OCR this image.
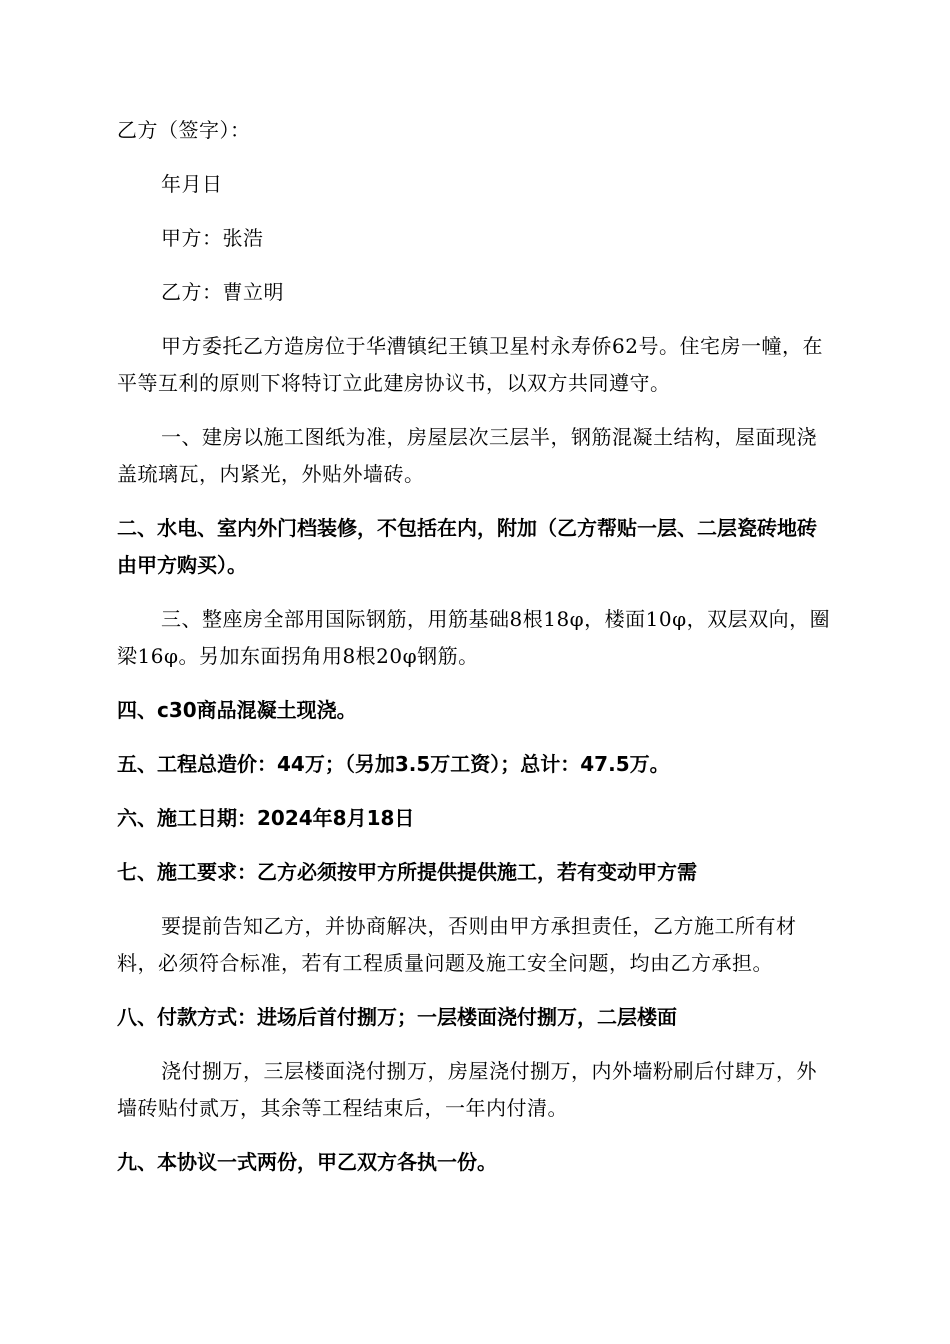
乙方（签字）：

年月日

甲方：张浩

乙方：曹立明

甲方委托乙方造房位于华漕镇纪王镇卫星村永寿侨62号。住宅房一幢，在平等互利的原则下将特订立此建房协议书，以双方共同遵守。

一、建房以施工图纸为准，房屋层次三层半，钢筋混凝土结构，屋面现浇盖琉璃瓦，内紧光，外贴外墙砖。

二、水电、室内外门档装修，不包括在内，附加（乙方帮贴一层、二层瓷砖地砖由甲方购买）。

三、整座房全部用国际钢筋，用筋基础8根18φ，楼面10φ，双层双向，圈梁16φ。另加东面拐角用8根20φ钢筋。

四、c30商品混凝土现浇。

五、工程总造价：44万；（另加3.5万工资）；总计：47.5万。

六、施工日期：2024年8月18日

七、施工要求：乙方必须按甲方所提供提供施工，若有变动甲方需

要提前告知乙方，并协商解决，否则由甲方承担责任，乙方施工所有材料，必须符合标准，若有工程质量问题及施工安全问题，均由乙方承担。

八、付款方式：进场后首付捌万；一层楼面浇付捌万，二层楼面

浇付捌万，三层楼面浇付捌万，房屋浇付捌万，内外墙粉刷后付肆万，外墙砖贴付贰万，其余等工程结束后，一年内付清。

九、本协议一式两份，甲乙双方各执一份。
